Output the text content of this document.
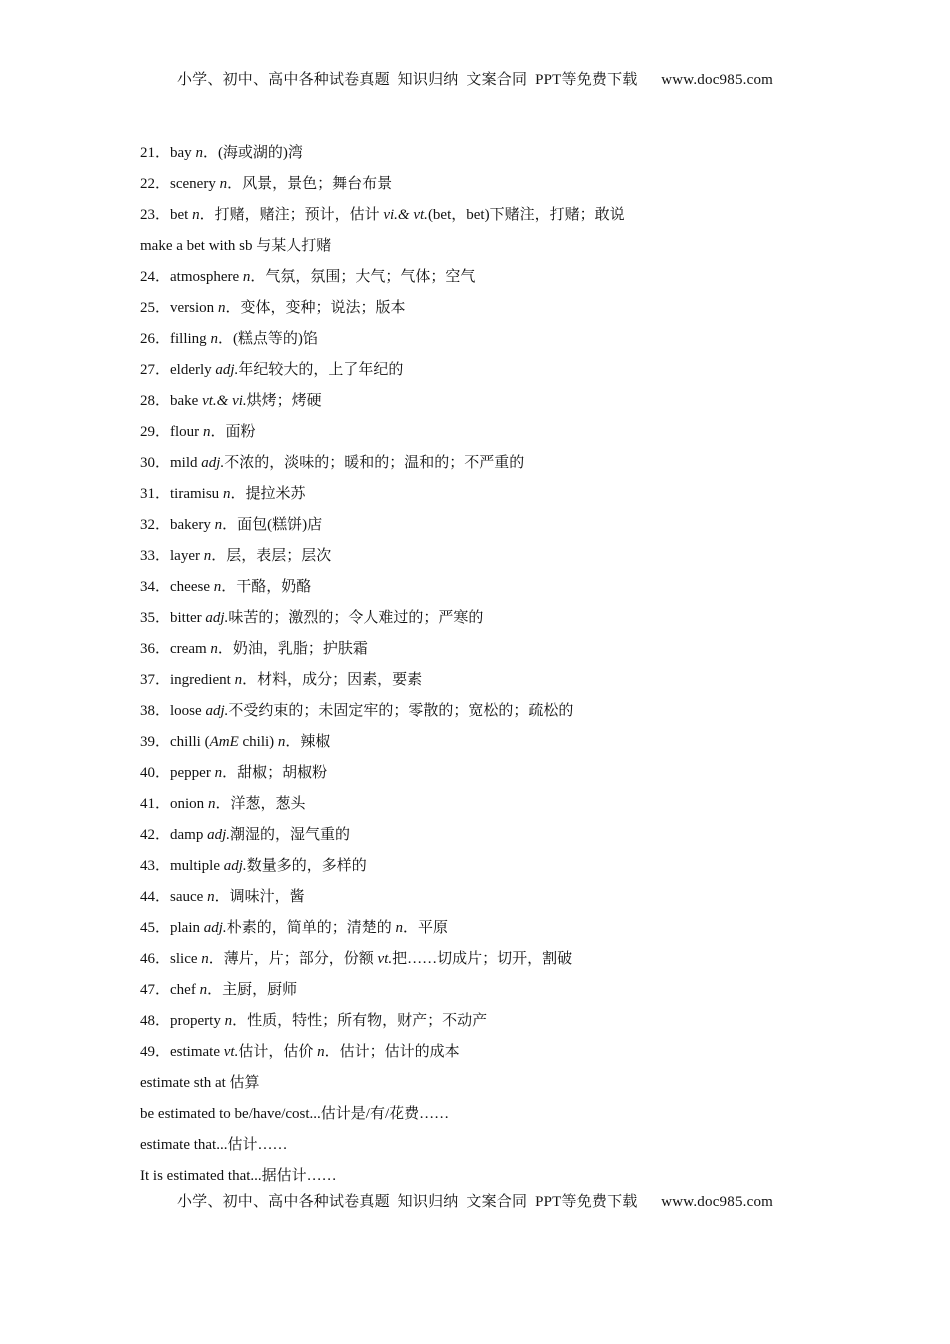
小学、初中、高中各种试卷真题  知识归纳  文案合同  PPT等免费下载      www.doc985.com
21．bay n．(海或湖的)湾
22．scenery n．风景，景色；舞台布景
23．bet n．打赌，赌注；预计，估计 vi.& vt.(bet，bet)下赌注，打赌；敢说
make a bet with sb 与某人打赌
24．atmosphere n．气氛，氛围；大气；气体；空气
25．version n．变体，变种；说法；版本
26．filling n．(糕点等的)馅
27．elderly adj.年纪较大的，上了年纪的
28．bake vt.& vi.烘烤；烤硬
29．flour n．面粉
30．mild adj.不浓的，淡味的；暖和的；温和的；不严重的
31．tiramisu n．提拉米苏
32．bakery n．面包(糕饼)店
33．layer n．层，表层；层次
34．cheese n．干酪，奶酪
35．bitter adj.味苦的；激烈的；令人难过的；严寒的
36．cream n．奶油，乳脂；护肤霜
37．ingredient n．材料，成分；因素，要素
38．loose adj.不受约束的；未固定牢的；零散的；宽松的；疏松的
39．chilli (AmE chili) n．辣椒
40．pepper n．甜椒；胡椒粉
41．onion n．洋葱，葱头
42．damp adj.潮湿的，湿气重的
43．multiple adj.数量多的，多样的
44．sauce n．调味汁，酱
45．plain adj.朴素的，简单的；清楚的 n．平原
46．slice n．薄片，片；部分，份额 vt.把……切成片；切开，割破
47．chef n．主厨，厨师
48．property n．性质，特性；所有物，财产；不动产
49．estimate vt.估计，估价 n．估计；估计的成本
estimate sth at 估算
be estimated to be/have/cost...估计是/有/花费……
estimate that...估计……
It is estimated that...据估计……
小学、初中、高中各种试卷真题  知识归纳  文案合同  PPT等免费下载      www.doc985.com
